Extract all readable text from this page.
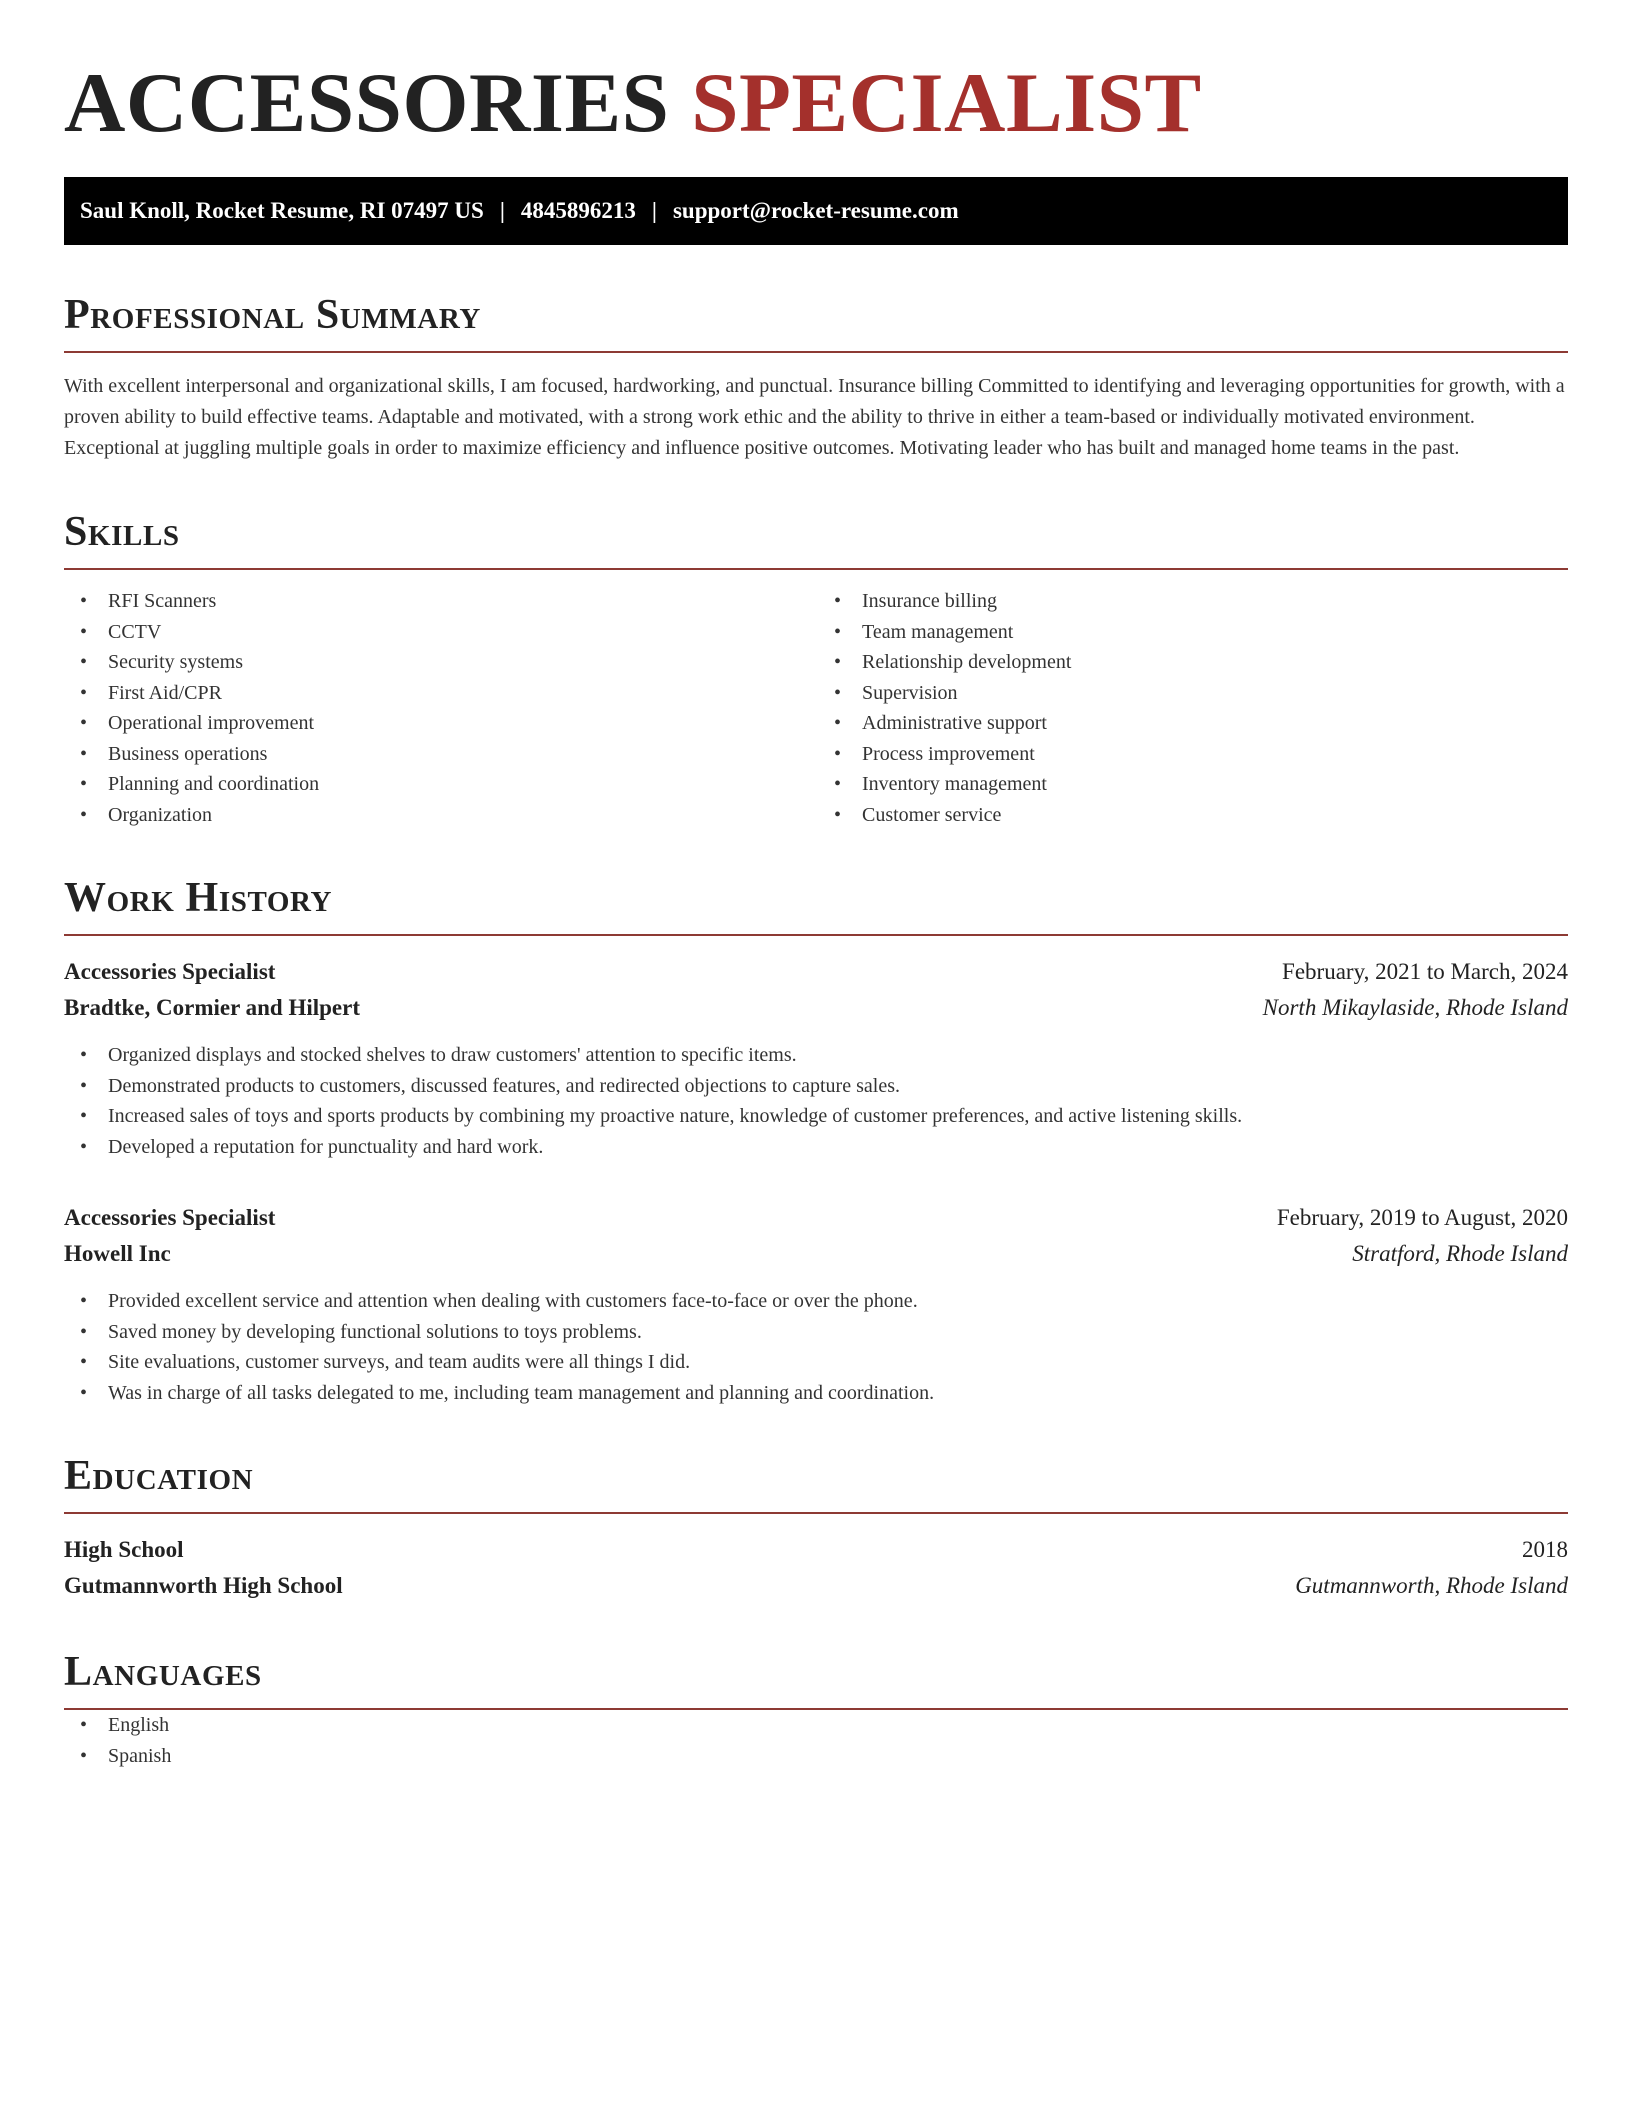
ACCESSORIES SPECIALIST
Saul Knoll, Rocket Resume, RI 07497 US | 4845896213 | support@rocket-resume.com
Professional Summary

With excellent interpersonal and organizational skills, I am focused, hardworking, and punctual. Insurance billing Committed to identifying and leveraging opportunities for growth, with a proven ability to build effective teams. Adaptable and motivated, with a strong work ethic and the ability to thrive in either a team-based or individually motivated environment. Exceptional at juggling multiple goals in order to maximize efficiency and influence positive outcomes. Motivating leader who has built and managed home teams in the past.

Skills
• RFI Scanners
• CCTV
• Security systems
• First Aid/CPR
• Operational improvement
• Business operations
• Planning and coordination
• Organization
• Insurance billing
• Team management
• Relationship development
• Supervision
• Administrative support
• Process improvement
• Inventory management
• Customer service
Work History
Accessories Specialist	February, 2021 to March, 2024
Bradtke, Cormier and Hilpert	North Mikaylaside, Rhode Island
• Organized displays and stocked shelves to draw customers' attention to specific items.
• Demonstrated products to customers, discussed features, and redirected objections to capture sales.
• Increased sales of toys and sports products by combining my proactive nature, knowledge of customer preferences, and active listening skills.
• Developed a reputation for punctuality and hard work.
Accessories Specialist	February, 2019 to August, 2020
Howell Inc	Stratford, Rhode Island
• Provided excellent service and attention when dealing with customers face-to-face or over the phone.
• Saved money by developing functional solutions to toys problems.
• Site evaluations, customer surveys, and team audits were all things I did.
• Was in charge of all tasks delegated to me, including team management and planning and coordination.
Education
High School	2018
Gutmannworth High School	Gutmannworth, Rhode Island
Languages
• English
• Spanish
